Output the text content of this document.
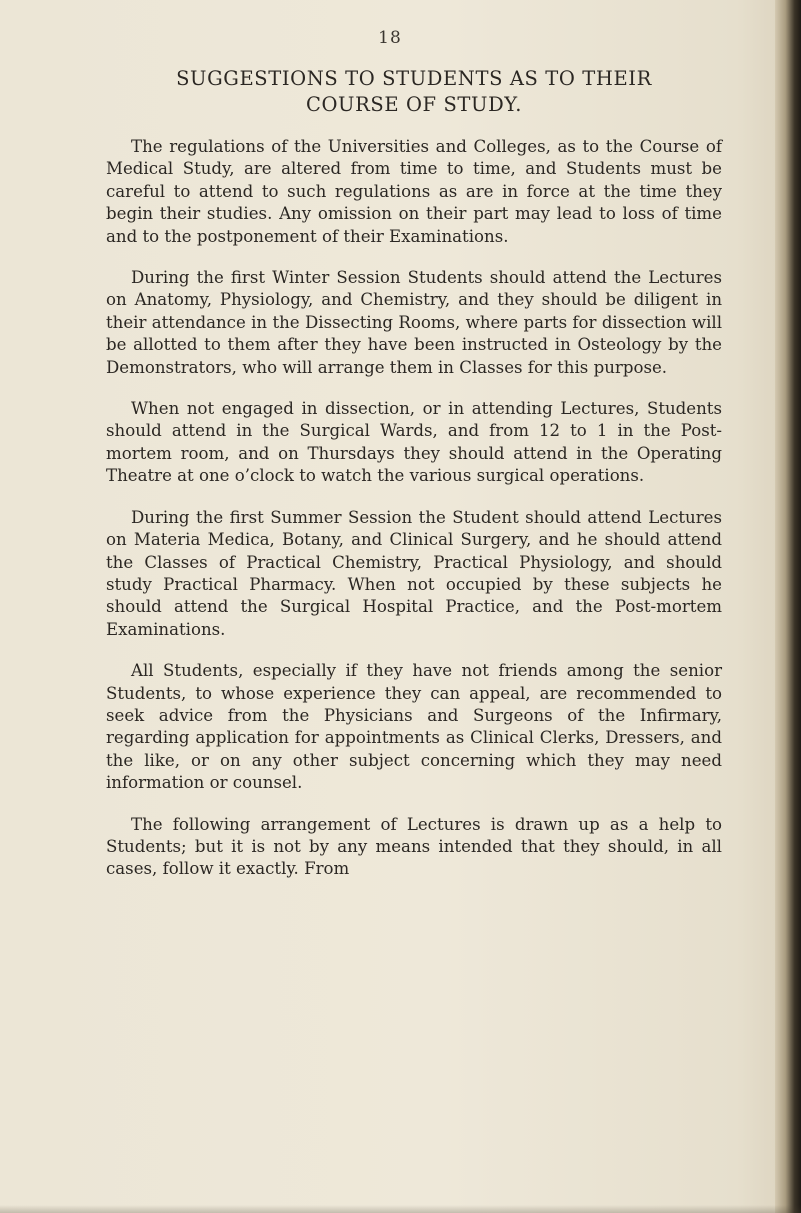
18
SUGGESTIONS TO STUDENTS AS TO THEIR
COURSE OF STUDY.

The regulations of the Universities and Colleges, as to the Course of Medical Study, are altered from time to time, and Students must be careful to attend to such regulations as are in force at the time they begin their studies. Any omission on their part may lead to loss of time and to the postponement of their Examinations.

During the first Winter Session Students should attend the Lectures on Anatomy, Physiology, and Chemistry, and they should be diligent in their attendance in the Dissecting Rooms, where parts for dissection will be allotted to them after they have been instructed in Osteology by the Demonstrators, who will arrange them in Classes for this purpose.

When not engaged in dissection, or in attending Lectures, Students should attend in the Surgical Wards, and from 12 to 1 in the Post-mortem room, and on Thursdays they should attend in the Operating Theatre at one o’clock to watch the various surgical operations.

During the first Summer Session the Student should attend Lectures on Materia Medica, Botany, and Clinical Surgery, and he should attend the Classes of Practical Chemistry, Practical Physiology, and should study Practical Pharmacy. When not occupied by these subjects he should attend the Surgical Hospital Practice, and the Post-mortem Examinations.

All Students, especially if they have not friends among the senior Students, to whose experience they can appeal, are recommended to seek advice from the Physicians and Surgeons of the Infirmary, regarding application for appointments as Clinical Clerks, Dressers, and the like, or on any other subject concerning which they may need information or counsel.

The following arrangement of Lectures is drawn up as a help to Students; but it is not by any means intended that they should, in all cases, follow it exactly. From
